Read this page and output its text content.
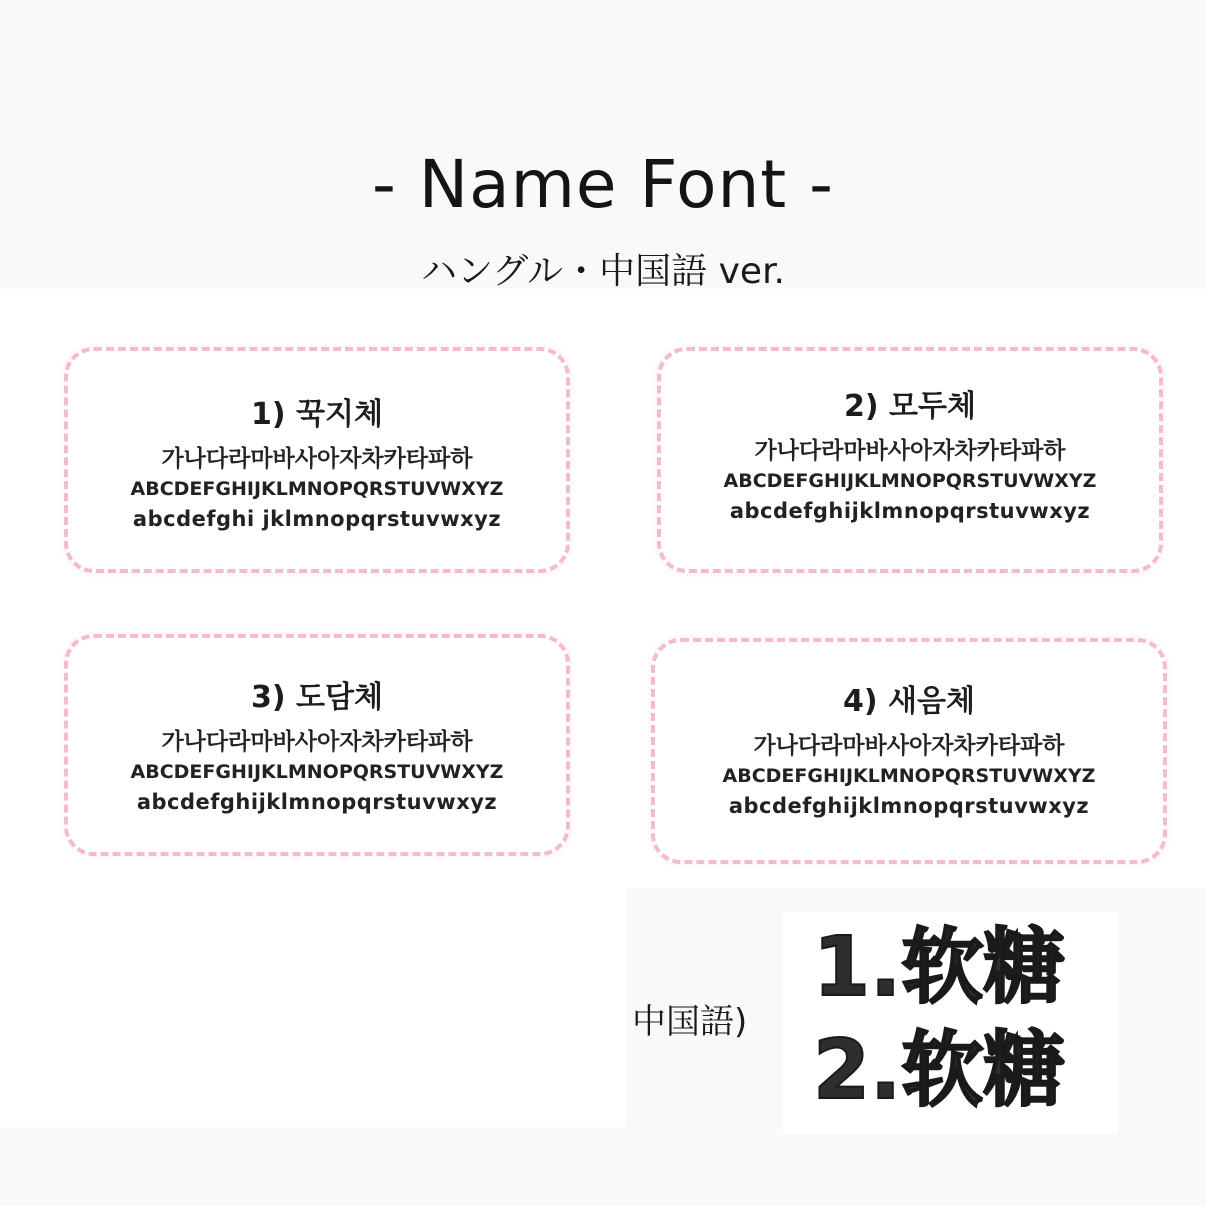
- Name Font -
ハングル・中国語 ver.
1) 꾹지체
가나다라마바사아자차카타파하
ABCDEFGHIJKLMNOPQRSTUVWXYZ
abcdefghi jklmnopqrstuvwxyz
2) 모두체
가나다라마바사아자차카타파하
ABCDEFGHIJKLMNOPQRSTUVWXYZ
abcdefghijklmnopqrstuvwxyz
3) 도담체
가나다라마바사아자차카타파하
ABCDEFGHIJKLMNOPQRSTUVWXYZ
abcdefghijklmnopqrstuvwxyz
4) 새음체
가나다라마바사아자차카타파하
ABCDEFGHIJKLMNOPQRSTUVWXYZ
abcdefghijklmnopqrstuvwxyz
中国語)
1.软糖
2.软糖
